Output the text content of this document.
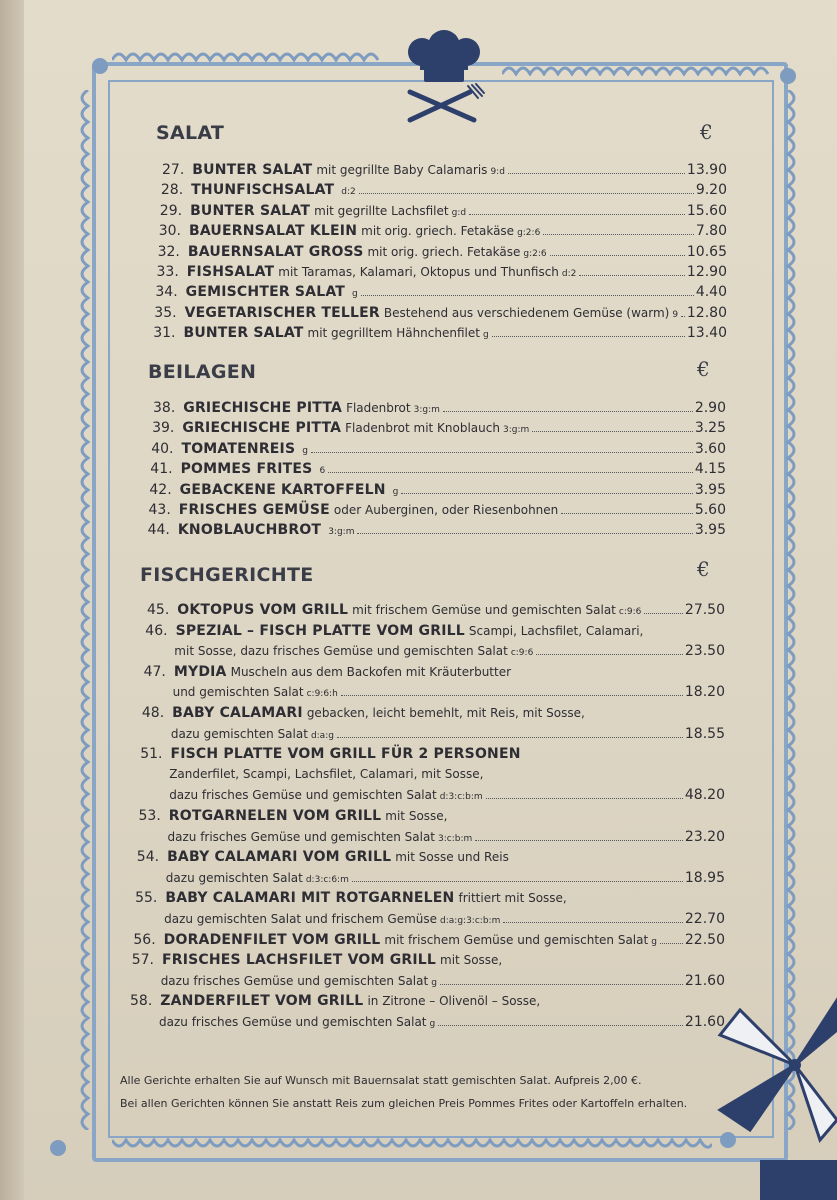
SALAT	€
27. BUNTER SALAT mit gegrillte Baby Calamaris 9:d	13.90
28. THUNFISCHSALAT d:2	9.20
29. BUNTER SALAT mit gegrillte Lachsfilet g:d	15.60
30. BAUERNSALAT KLEIN mit orig. griech. Fetakäse g:2:6	7.80
32. BAUERNSALAT GROSS mit orig. griech. Fetakäse g:2:6	10.65
33. FISHSALAT mit Taramas, Kalamari, Oktopus und Thunfisch d:2	12.90
34. GEMISCHTER SALAT g	4.40
35. VEGETARISCHER TELLER Bestehend aus verschiedenem Gemüse (warm) 9 12.80
31. BUNTER SALAT mit gegrilltem Hähnchenfilet g	13.40
BEILAGEN	€
38. GRIECHISCHE PITTA Fladenbrot 3:g:m	2.90
39. GRIECHISCHE PITTA Fladenbrot mit Knoblauch 3:g:m	3.25
40. TOMATENREIS g	3.60
41. POMMES FRITES 6	4.15
42. GEBACKENE KARTOFFELN g	3.95
43. FRISCHES GEMÜSE oder Auberginen, oder Riesenbohnen	5.60
44. KNOBLAUCHBROT 3:g:m	3.95
FISCHGERICHTE	€
45. OKTOPUS VOM GRILL mit frischem Gemüse und gemischten Salat c:9:6	27.50
46. SPEZIAL – FISCH PLATTE VOM GRILL Scampi, Lachsfilet, Calamari,
mit Sosse, dazu frisches Gemüse und gemischten Salat c:9:6	23.50
47. MYDIA Muscheln aus dem Backofen mit Kräuterbutter
und gemischten Salat c:9:6:h	18.20
48. BABY CALAMARI gebacken, leicht bemehlt, mit Reis, mit Sosse,
dazu gemischten Salat d:a:g	18.55
51. FISCH PLATTE VOM GRILL FÜR 2 PERSONEN
Zanderfilet, Scampi, Lachsfilet, Calamari, mit Sosse,
dazu frisches Gemüse und gemischten Salat d:3:c:b:m	48.20
53. ROTGARNELEN VOM GRILL mit Sosse,
dazu frisches Gemüse und gemischten Salat 3:c:b:m	23.20
54. BABY CALAMARI VOM GRILL mit Sosse und Reis
dazu gemischten Salat d:3:c:6:m	18.95
55. BABY CALAMARI MIT ROTGARNELEN frittiert mit Sosse,
dazu gemischten Salat und frischem Gemüse d:a:g:3:c:b:m	22.70
56. DORADENFILET VOM GRILL mit frischem Gemüse und gemischten Salat g 22.50
57. FRISCHES LACHSFILET VOM GRILL mit Sosse,
dazu frisches Gemüse und gemischten Salat g	21.60
58. ZANDERFILET VOM GRILL in Zitrone – Olivenöl – Sosse,
dazu frisches Gemüse und gemischten Salat g	21.60
Alle Gerichte erhalten Sie auf Wunsch mit Bauernsalat statt gemischten Salat. Aufpreis 2,00 €.
Bei allen Gerichten können Sie anstatt Reis zum gleichen Preis Pommes Frites oder Kartoffeln erhalten.
